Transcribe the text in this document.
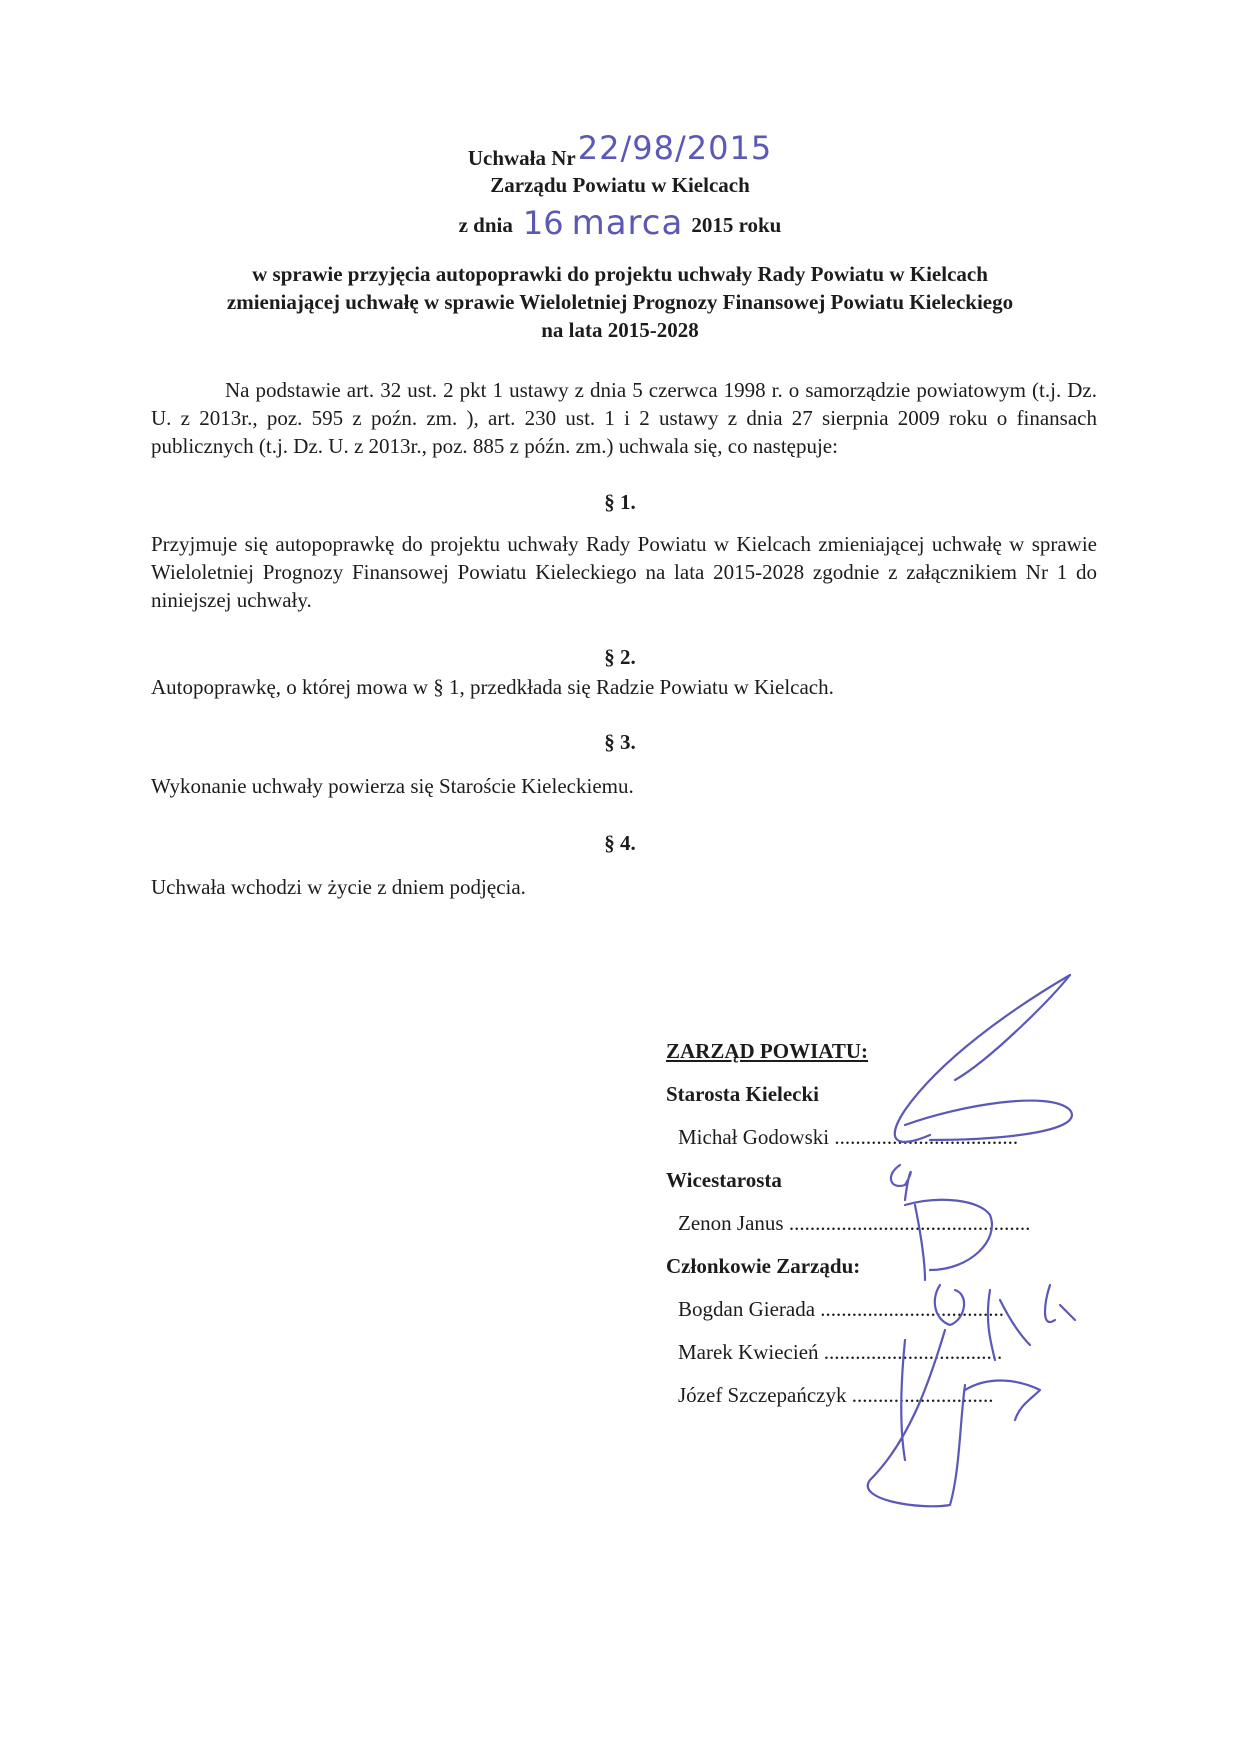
Uchwała Nr22/98/2015
Zarządu Powiatu w Kielcach
z dnia 16 marca 2015 roku
w sprawie przyjęcia autopoprawki do projektu uchwały Rady Powiatu w Kielcach
zmieniającej uchwałę w sprawie Wieloletniej Prognozy Finansowej Powiatu Kieleckiego
na lata 2015-2028
Na podstawie art. 32 ust. 2 pkt 1 ustawy z dnia 5 czerwca 1998 r. o samorządzie powiatowym (t.j. Dz. U. z 2013r., poz. 595 z poźn. zm. ), art. 230 ust. 1 i 2 ustawy z dnia 27 sierpnia 2009 roku o finansach publicznych (t.j. Dz. U. z 2013r., poz. 885 z późn. zm.) uchwala się, co następuje:
§ 1.
Przyjmuje się autopoprawkę do projektu uchwały Rady Powiatu w Kielcach zmieniającej uchwałę w sprawie Wieloletniej Prognozy Finansowej Powiatu Kieleckiego na lata 2015-2028 zgodnie z załącznikiem Nr 1 do niniejszej uchwały.
§ 2.
Autopoprawkę, o której mowa w § 1, przedkłada się Radzie Powiatu w Kielcach.
§ 3.
Wykonanie uchwały powierza się Staroście Kieleckiemu.
§ 4.
Uchwała wchodzi w życie z dniem podjęcia.
ZARZĄD POWIATU:
Starosta Kielecki
Michał Godowski ...................................
Wicestarosta
Zenon Janus ..............................................
Członkowie Zarządu:
Bogdan Gierada ...................................
Marek Kwiecień ..................................
Józef Szczepańczyk ...........................
